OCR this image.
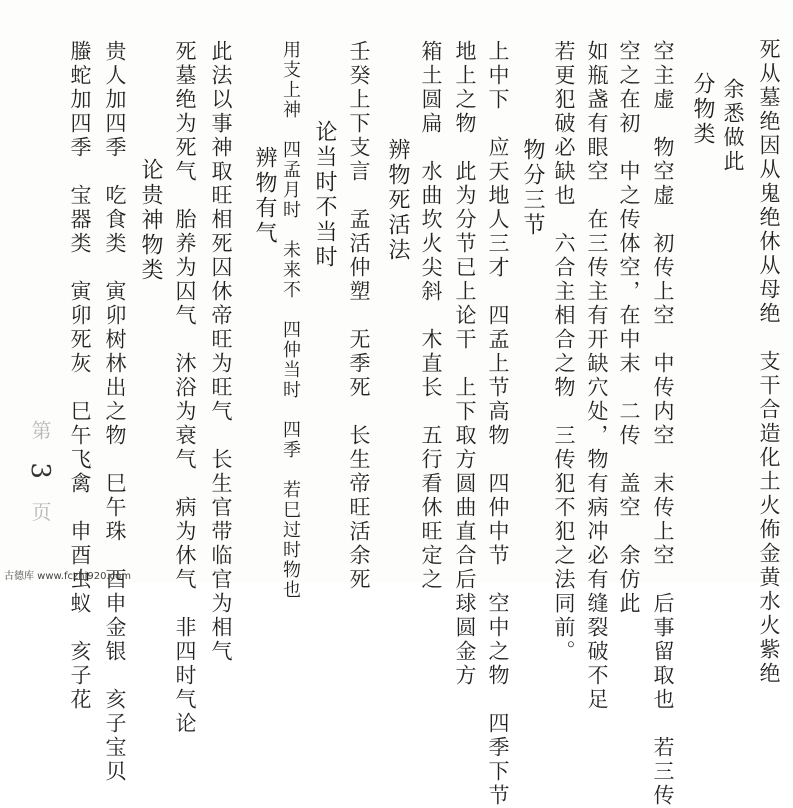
死从墓绝因从鬼绝休从母绝　支干合造化土火佈金黄水火紫绝
余悉做此
分物类
空主虚　物空虚　初传上空　中传内空　末传上空　后事留取也　若三传
空之在初　中之传体空，在中末　二传　盖空　余仿此
如瓶盏有眼空　在三传主有开缺穴处，物有病冲必有缝裂破不足
若更犯破必缺也　六合主相合之物　三传犯不犯之法同前。
物分三节
上中下　应天地人三才　四孟上节高物　四仲中节　空中之物　四季下节
地上之物　此为分节已上论干　上下取方圆曲直合后球圆金方
箱土圆扁　水曲坎火尖斜　木直长　五行看休旺定之
辨物死活法
壬癸上下支言　孟活仲塑　无季死　长生帝旺活余死
论当时不当时
用支上神　四孟月时　未来不　四仲当时　四季　若巳过时物也
辨物有气
此法以事神取旺相死囚休帝旺为旺气　长生官带临官为相气
死墓绝为死气　胎养为囚气　沐浴为衰气　病为休气　非四时气论
论贵神物类
贵人加四季　吃食类　寅卯树林出之物　巳午珠　酉申金银　亥子宝贝
螣蛇加四季　宝器类　寅卯死灰　巳午飞禽　申酉虫蚁　亥子花
第 3 页
古德库 www.fczhj920.com
